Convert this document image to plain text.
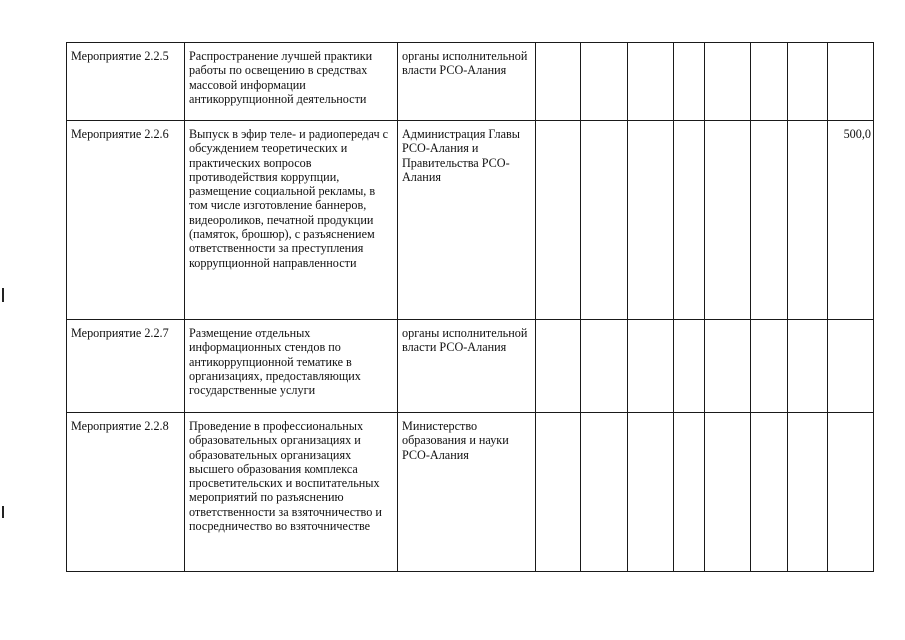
Мероприятие 2.2.5	Распространение лучшей практики работы по освещению в средствах массовой информации антикоррупционной деятельности	органы исполнительной власти РСО-Алания								

Мероприятие 2.2.6	Выпуск в эфир теле- и радиопередач с обсуждением теоретических и практических вопросов противодействия коррупции, размещение социальной рекламы, в том числе изготовление баннеров, видеороликов, печатной продукции (памяток, брошюр), с разъяснением ответственности за преступления коррупционной направленности	Администрация Главы РСО-Алания и Правительства РСО-Алания								500,0

Мероприятие 2.2.7	Размещение отдельных информационных стендов по антикоррупционной тематике в организациях, предоставляющих государственные услуги	органы исполнительной власти РСО-Алания								

Мероприятие 2.2.8	Проведение в профессиональных образовательных организациях и образовательных организациях высшего образования комплекса просветительских и воспитательных мероприятий по разъяснению ответственности за взяточничество и посредничество во взяточничестве	Министерство образования и науки РСО-Алания								
